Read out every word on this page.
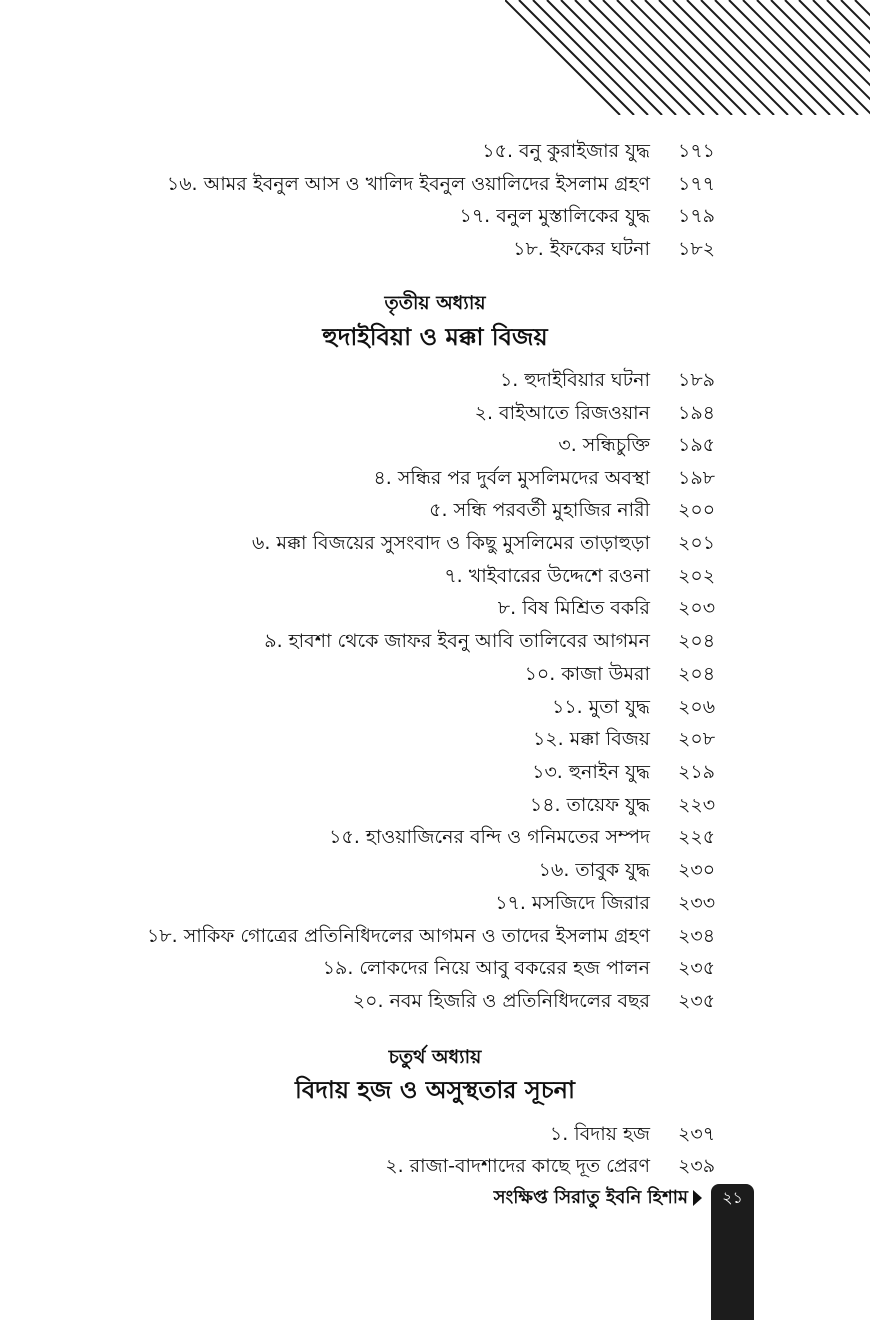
১৫. বনু কুরাইজার যুদ্ধ	১৭১
১৬. আমর ইবনুল আস ও খালিদ ইবনুল ওয়ালিদের ইসলাম গ্রহণ	১৭৭
১৭. বনুল মুস্তালিকের যুদ্ধ	১৭৯
১৮. ইফকের ঘটনা	১৮২
তৃতীয় অধ্যায়
হুদাইবিয়া ও মক্কা বিজয়
১. হুদাইবিয়ার ঘটনা	১৮৯
২. বাইআতে রিজওয়ান	১৯৪
৩. সন্ধিচুক্তি	১৯৫
৪. সন্ধির পর দুর্বল মুসলিমদের অবস্থা	১৯৮
৫. সন্ধি পরবর্তী মুহাজির নারী	২০০
৬. মক্কা বিজয়ের সুসংবাদ ও কিছু মুসলিমের তাড়াহুড়া	২০১
৭. খাইবারের উদ্দেশে রওনা	২০২
৮. বিষ মিশ্রিত বকরি	২০৩
৯. হাবশা থেকে জাফর ইবনু আবি তালিবের আগমন	২০৪
১০. কাজা উমরা	২০৪
১১. মুতা যুদ্ধ	২০৬
১২. মক্কা বিজয়	২০৮
১৩. হুনাইন যুদ্ধ	২১৯
১৪. তায়েফ যুদ্ধ	২২৩
১৫. হাওয়াজিনের বন্দি ও গনিমতের সম্পদ	২২৫
১৬. তাবুক যুদ্ধ	২৩০
১৭. মসজিদে জিরার	২৩৩
১৮. সাকিফ গোত্রের প্রতিনিধিদলের আগমন ও তাদের ইসলাম গ্রহণ	২৩৪
১৯. লোকদের নিয়ে আবু বকরের হজ পালন	২৩৫
২০. নবম হিজরি ও প্রতিনিধিদলের বছর	২৩৫
চতুর্থ অধ্যায়
বিদায় হজ ও অসুস্থতার সূচনা
১. বিদায় হজ	২৩৭
২. রাজা-বাদশাদের কাছে দূত প্রেরণ	২৩৯
সংক্ষিপ্ত সিরাতু ইবনি হিশাম	২১
